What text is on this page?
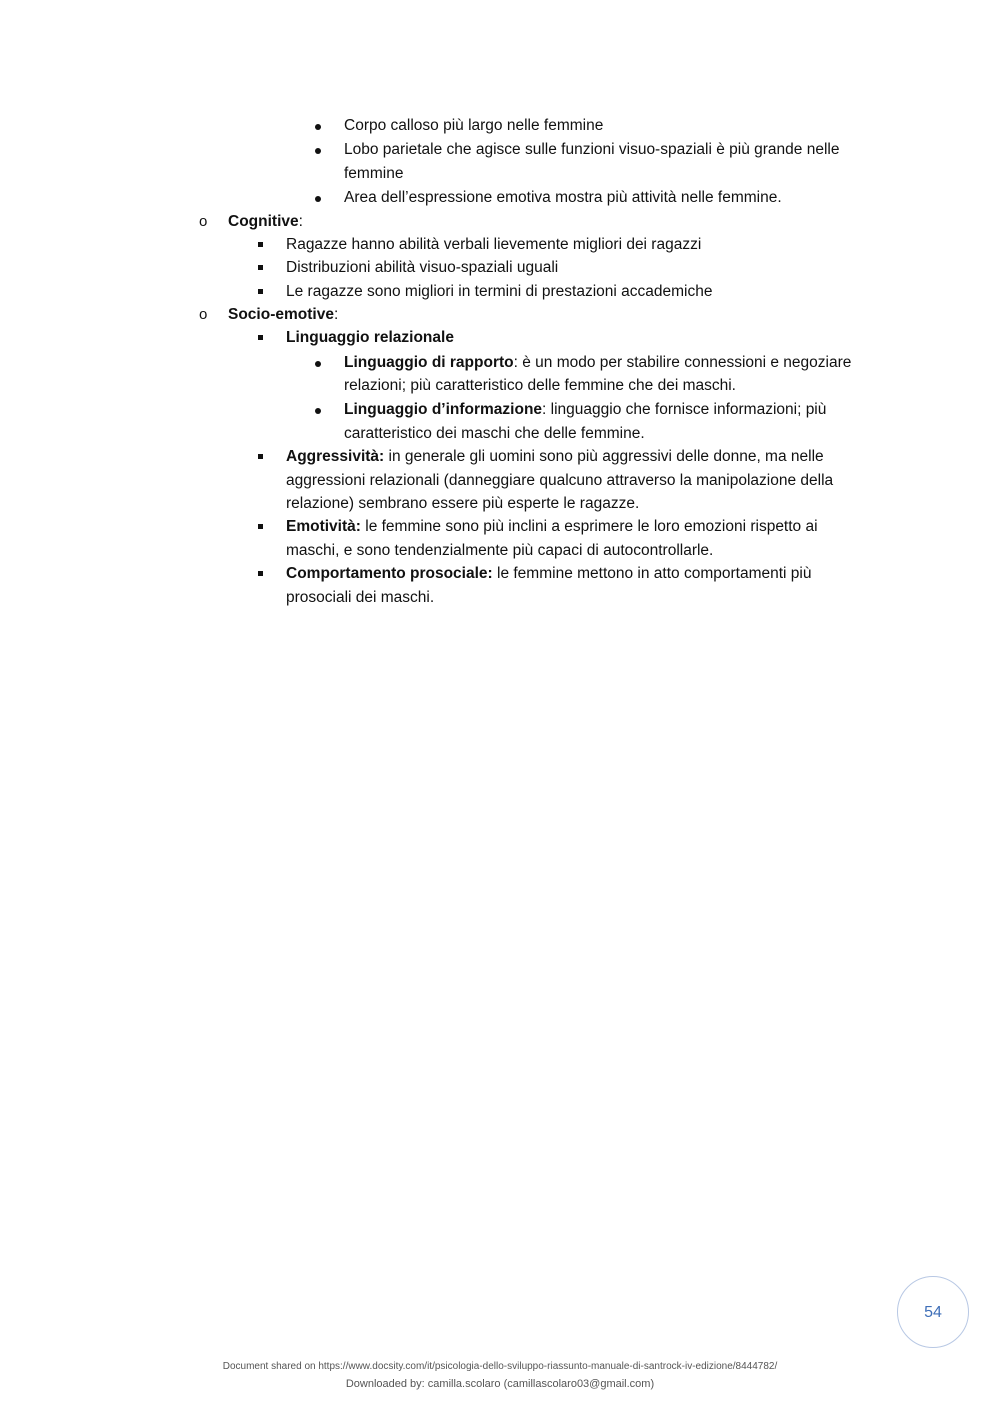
Corpo calloso più largo nelle femmine
Lobo parietale che agisce sulle funzioni visuo-spaziali è più grande nelle
femmine
Area dell’espressione emotiva mostra più attività nelle femmine.
o Cognitive:
Ragazze hanno abilità verbali lievemente migliori dei ragazzi
Distribuzioni abilità visuo-spaziali uguali
Le ragazze sono migliori in termini di prestazioni accademiche
o Socio-emotive:
Linguaggio relazionale
Linguaggio di rapporto: è un modo per stabilire connessioni e negoziare
relazioni; più caratteristico delle femmine che dei maschi.
Linguaggio d’informazione: linguaggio che fornisce informazioni; più
caratteristico dei maschi che delle femmine.
Aggressività: in generale gli uomini sono più aggressivi delle donne, ma nelle
aggressioni relazionali (danneggiare qualcuno attraverso la manipolazione della
relazione) sembrano essere più esperte le ragazze.
Emotività: le femmine sono più inclini a esprimere le loro emozioni rispetto ai
maschi, e sono tendenzialmente più capaci di autocontrollarle.
Comportamento prosociale: le femmine mettono in atto comportamenti più
prosociali dei maschi.
54
Document shared on https://www.docsity.com/it/psicologia-dello-sviluppo-riassunto-manuale-di-santrock-iv-edizione/8444782/
Downloaded by: camilla.scolaro (camillascolaro03@gmail.com)
